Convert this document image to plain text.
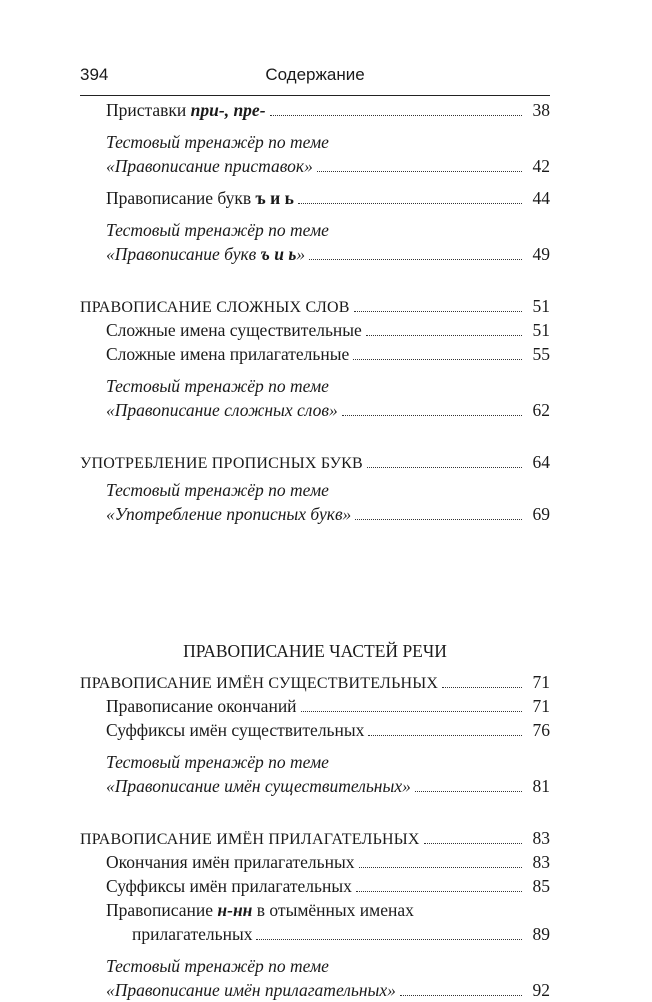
394	Содержание
Приставки при-, пре-	38
Тестовый тренажёр по теме
«Правописание приставок»	42
Правописание букв ъ и ь	44
Тестовый тренажёр по теме
«Правописание букв ъ и ь»	49
ПРАВОПИСАНИЕ СЛОЖНЫХ СЛОВ	51
Сложные имена существительные	51
Сложные имена прилагательные	55
Тестовый тренажёр по теме
«Правописание сложных слов»	62
УПОТРЕБЛЕНИЕ ПРОПИСНЫХ БУКВ	64
Тестовый тренажёр по теме
«Употребление прописных букв»	69
ПРАВОПИСАНИЕ ЧАСТЕЙ РЕЧИ
ПРАВОПИСАНИЕ ИМЁН СУЩЕСТВИТЕЛЬНЫХ	71
Правописание окончаний	71
Суффиксы имён существительных	76
Тестовый тренажёр по теме
«Правописание имён существительных»	81
ПРАВОПИСАНИЕ ИМЁН ПРИЛАГАТЕЛЬНЫХ	83
Окончания имён прилагательных	83
Суффиксы имён прилагательных	85
Правописание н-нн в отымённых именах
прилагательных	89
Тестовый тренажёр по теме
«Правописание имён прилагательных»	92
